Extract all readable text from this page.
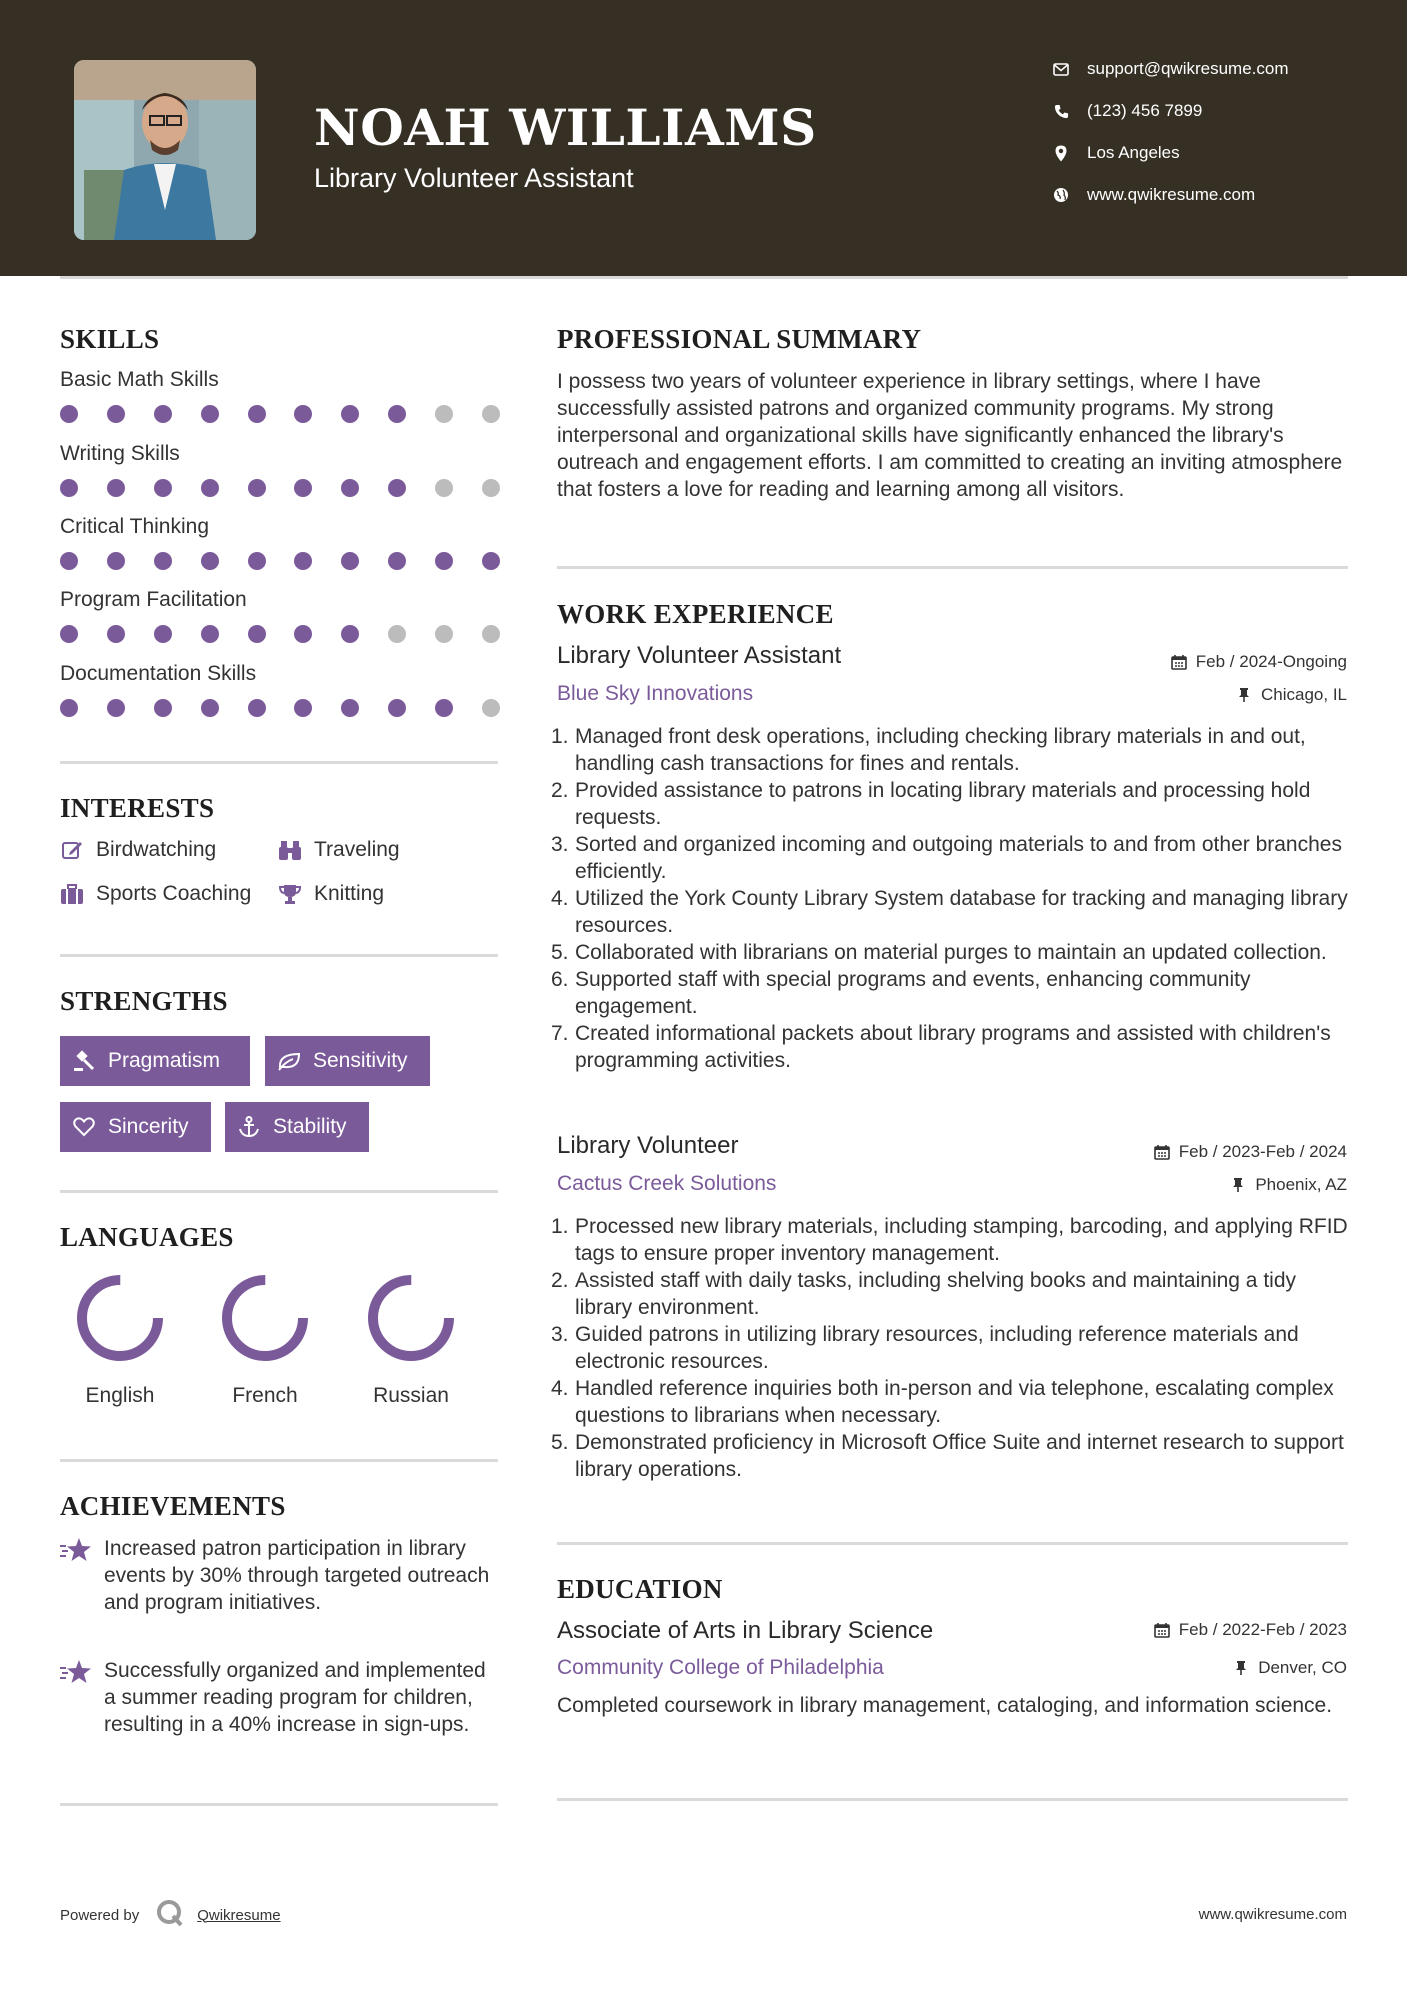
NOAH WILLIAMS
Library Volunteer Assistant
support@qwikresume.com
(123) 456 7899
Los Angeles
www.qwikresume.com
SKILLS
Basic Math Skills
Writing Skills
Critical Thinking
Program Facilitation
Documentation Skills
INTERESTS
Birdwatching	Traveling
Sports Coaching	Knitting
STRENGTHS
Pragmatism	Sensitivity
Sincerity	Stability
LANGUAGES
English	French	Russian
ACHIEVEMENTS
Increased patron participation in library events by 30% through targeted outreach and program initiatives.
Successfully organized and implemented a summer reading program for children, resulting in a 40% increase in sign-ups.
PROFESSIONAL SUMMARY
I possess two years of volunteer experience in library settings, where I have successfully assisted patrons and organized community programs. My strong interpersonal and organizational skills have significantly enhanced the library's outreach and engagement efforts. I am committed to creating an inviting atmosphere that fosters a love for reading and learning among all visitors.
WORK EXPERIENCE
Library Volunteer Assistant	Feb / 2024-Ongoing
Blue Sky Innovations	Chicago, IL
1. Managed front desk operations, including checking library materials in and out, handling cash transactions for fines and rentals.
2. Provided assistance to patrons in locating library materials and processing hold requests.
3. Sorted and organized incoming and outgoing materials to and from other branches efficiently.
4. Utilized the York County Library System database for tracking and managing library resources.
5. Collaborated with librarians on material purges to maintain an updated collection.
6. Supported staff with special programs and events, enhancing community engagement.
7. Created informational packets about library programs and assisted with children's programming activities.
Library Volunteer	Feb / 2023-Feb / 2024
Cactus Creek Solutions	Phoenix, AZ
1. Processed new library materials, including stamping, barcoding, and applying RFID tags to ensure proper inventory management.
2. Assisted staff with daily tasks, including shelving books and maintaining a tidy library environment.
3. Guided patrons in utilizing library resources, including reference materials and electronic resources.
4. Handled reference inquiries both in-person and via telephone, escalating complex questions to librarians when necessary.
5. Demonstrated proficiency in Microsoft Office Suite and internet research to support library operations.
EDUCATION
Associate of Arts in Library Science	Feb / 2022-Feb / 2023
Community College of Philadelphia	Denver, CO
Completed coursework in library management, cataloging, and information science.
Powered by	Qwikresume	www.qwikresume.com
